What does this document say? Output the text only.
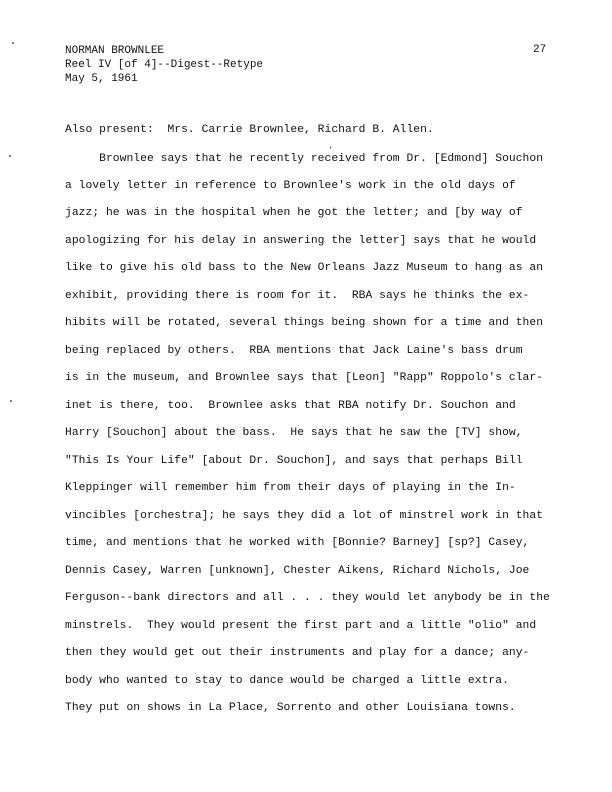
NORMAN BROWNLEE
Reel IV [of 4]--Digest--Retype
May 5, 1961
27
Also present:  Mrs. Carrie Brownlee, Richard B. Allen.
Brownlee says that he recently received from Dr. [Edmond] Souchon
a lovely letter in reference to Brownlee's work in the old days of
jazz; he was in the hospital when he got the letter; and [by way of
apologizing for his delay in answering the letter] says that he would
like to give his old bass to the New Orleans Jazz Museum to hang as an
exhibit, providing there is room for it.  RBA says he thinks the ex-
hibits will be rotated, several things being shown for a time and then
being replaced by others.  RBA mentions that Jack Laine's bass drum
is in the museum, and Brownlee says that [Leon] "Rapp" Roppolo's clar-
inet is there, too.  Brownlee asks that RBA notify Dr. Souchon and
Harry [Souchon] about the bass.  He says that he saw the [TV] show,
"This Is Your Life" [about Dr. Souchon], and says that perhaps Bill
Kleppinger will remember him from their days of playing in the In-
vincibles [orchestra]; he says they did a lot of minstrel work in that
time, and mentions that he worked with [Bonnie? Barney] [sp?] Casey,
Dennis Casey, Warren [unknown], Chester Aikens, Richard Nichols, Joe
Ferguson--bank directors and all . . . they would let anybody be in the
minstrels.  They would present the first part and a little "olio" and
then they would get out their instruments and play for a dance; any-
body who wanted to stay to dance would be charged a little extra.
They put on shows in La Place, Sorrento and other Louisiana towns.
